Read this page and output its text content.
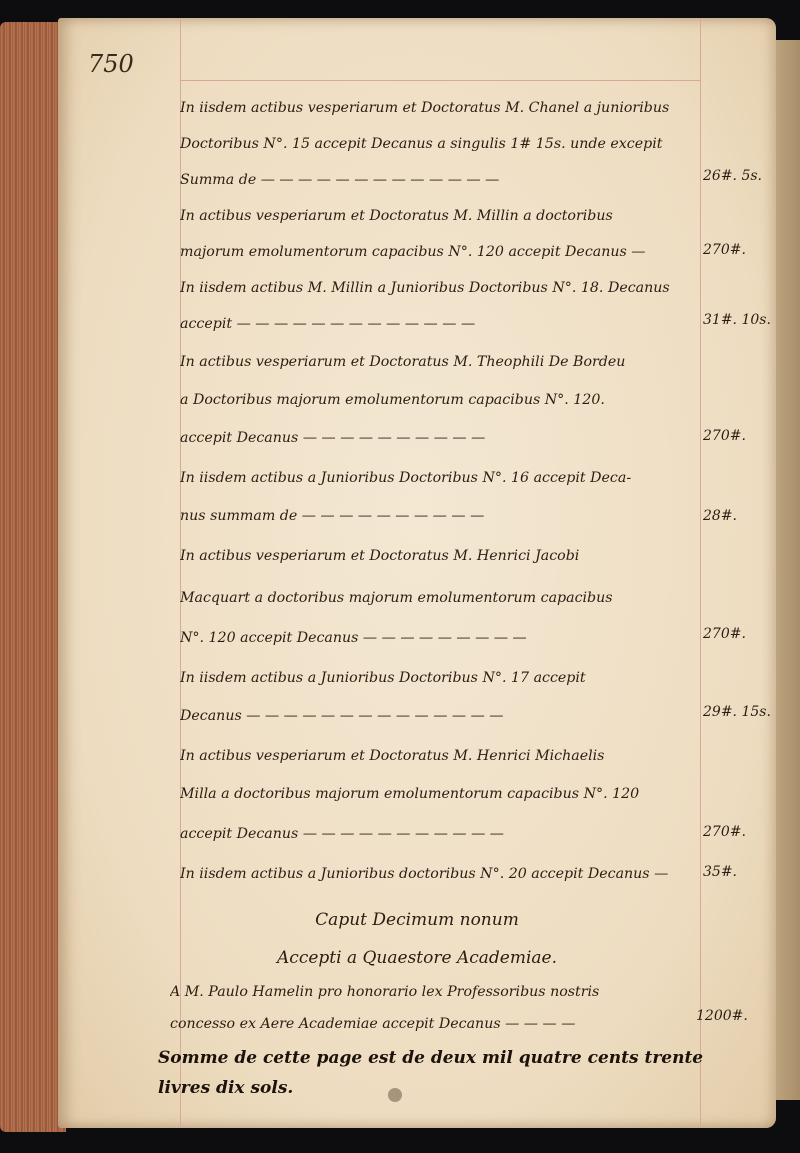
750
In iisdem actibus vesperiarum et Doctoratus M. Chanel a junioribus
Doctoribus N°. 15 accepit Decanus a singulis 1# 15s. unde excepit
Summa de — — — — — — — — — — — — —	26#. 5s.
In actibus vesperiarum et Doctoratus M. Millin a doctoribus
majorum emolumentorum capacibus N°. 120 accepit Decanus —	270#.
In iisdem actibus M. Millin a Junioribus Doctoribus N°. 18. Decanus
accepit — — — — — — — — — — — — —	31#. 10s.
In actibus vesperiarum et Doctoratus M. Theophili De Bordeu
a Doctoribus majorum emolumentorum capacibus N°. 120.
accepit Decanus — — — — — — — — — —	270#.
In iisdem actibus a Junioribus Doctoribus N°. 16 accepit Deca-
nus summam de — — — — — — — — — —	28#.
In actibus vesperiarum et Doctoratus M. Henrici Jacobi
Macquart a doctoribus majorum emolumentorum capacibus
N°. 120 accepit Decanus — — — — — — — — —	270#.
In iisdem actibus a Junioribus Doctoribus N°. 17 accepit
Decanus — — — — — — — — — — — — — —	29#. 15s.
In actibus vesperiarum et Doctoratus M. Henrici Michaelis
Milla a doctoribus majorum emolumentorum capacibus N°. 120
accepit Decanus — — — — — — — — — — —	270#.
In iisdem actibus a Junioribus doctoribus N°. 20 accepit Decanus —	35#.
Caput Decimum nonum
Accepti a Quaestore Academiae.
A M. Paulo Hamelin pro honorario lex Professoribus nostris
concesso ex Aere Academiae accepit Decanus — — — —	1200#.
Somme de cette page est de deux mil quatre cents trente
livres dix sols.
